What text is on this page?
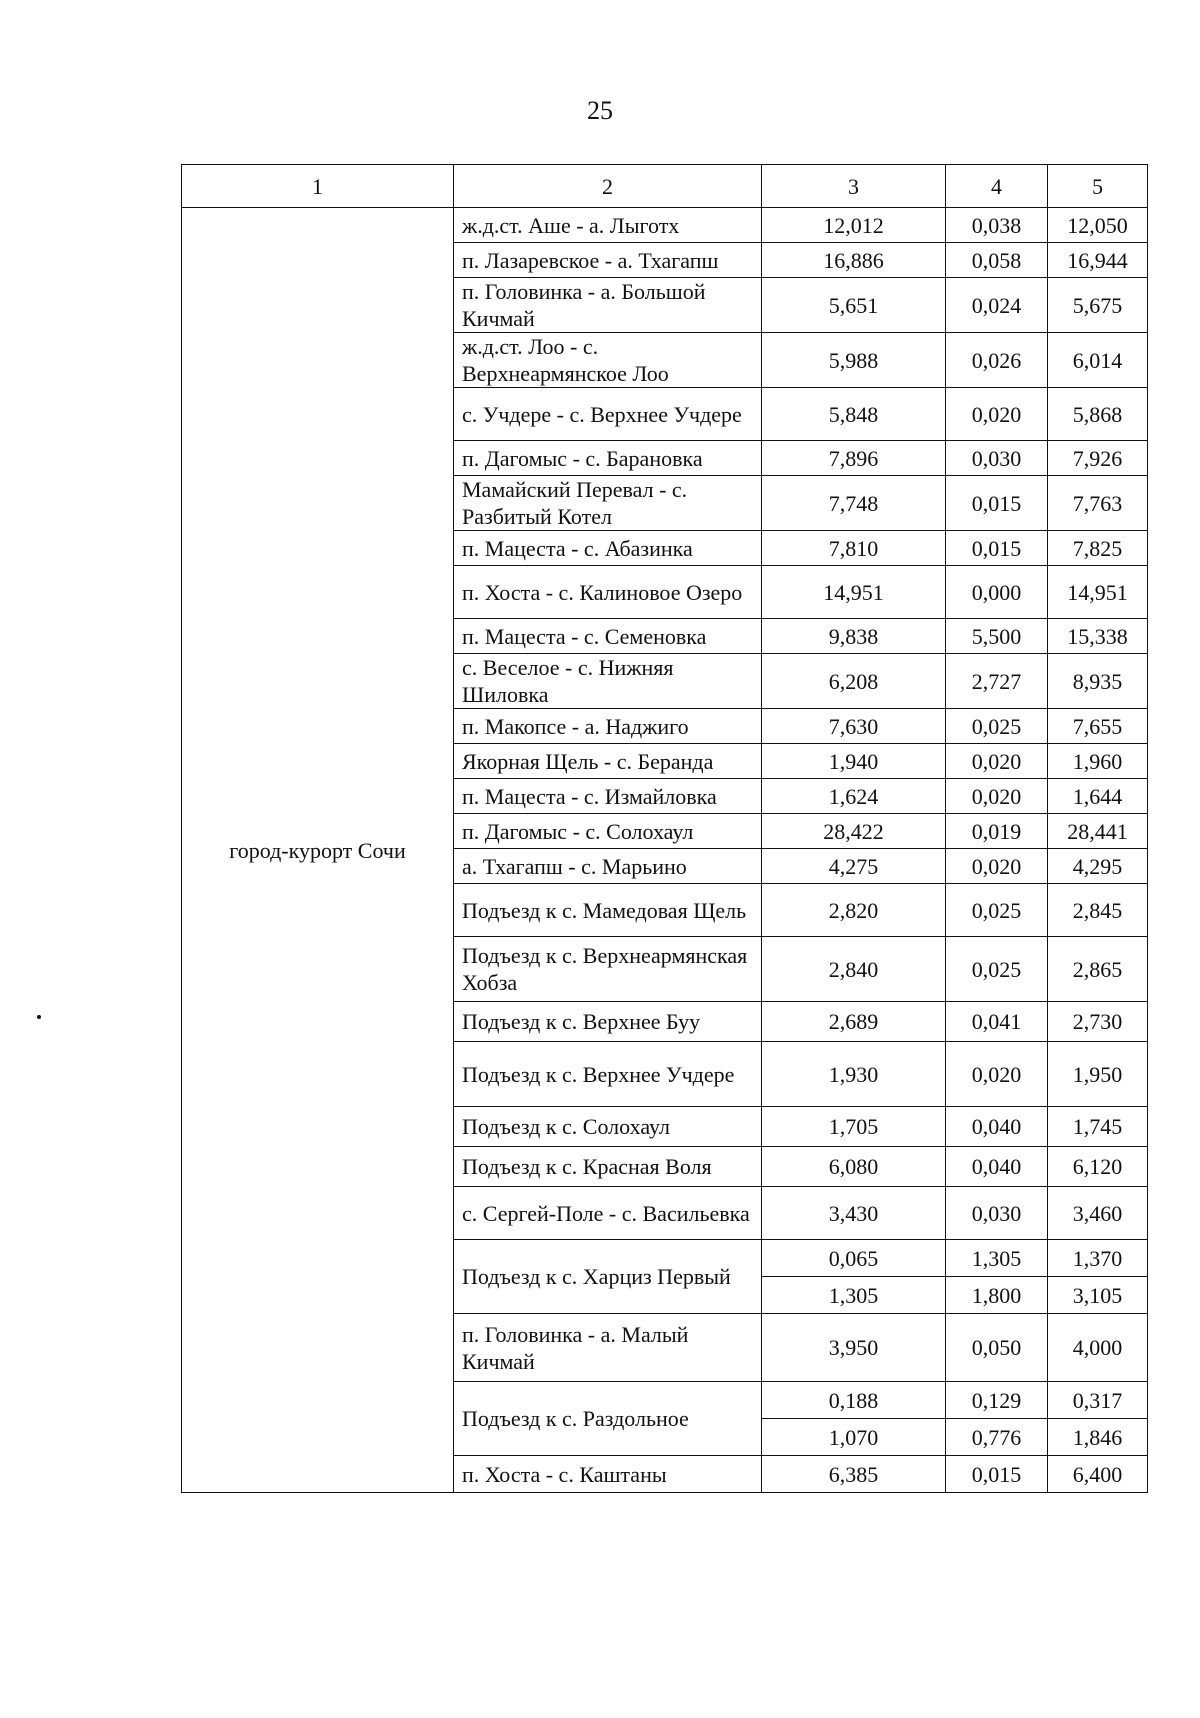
25
1	2	3	4	5
город-курорт Сочи	ж.д.ст. Аше - а. Лыготх	12,012	0,038	12,050
	п. Лазаревское - а. Тхагапш	16,886	0,058	16,944
	п. Головинка - а. Большой Кичмай	5,651	0,024	5,675
	ж.д.ст. Лоо - с. Верхнеармянское Лоо	5,988	0,026	6,014
	с. Учдере - с. Верхнее Учдере	5,848	0,020	5,868
	п. Дагомыс - с. Барановка	7,896	0,030	7,926
	Мамайский Перевал - с. Разбитый Котел	7,748	0,015	7,763
	п. Мацеста - с. Абазинка	7,810	0,015	7,825
	п. Хоста - с. Калиновое Озеро	14,951	0,000	14,951
	п. Мацеста - с. Семеновка	9,838	5,500	15,338
	с. Веселое - с. Нижняя Шиловка	6,208	2,727	8,935
	п. Макопсе - а. Наджиго	7,630	0,025	7,655
	Якорная Щель - с. Беранда	1,940	0,020	1,960
	п. Мацеста - с. Измайловка	1,624	0,020	1,644
	п. Дагомыс - с. Солохаул	28,422	0,019	28,441
	а. Тхагапш - с. Марьино	4,275	0,020	4,295
	Подъезд к с. Мамедовая Щель	2,820	0,025	2,845
	Подъезд к с. Верхнеармянская Хобза	2,840	0,025	2,865
	Подъезд к с. Верхнее Буу	2,689	0,041	2,730
	Подъезд к с. Верхнее Учдере	1,930	0,020	1,950
	Подъезд к с. Солохаул	1,705	0,040	1,745
	Подъезд к с. Красная Воля	6,080	0,040	6,120
	с. Сергей-Поле - с. Васильевка	3,430	0,030	3,460
	Подъезд к с. Харциз Первый	0,065	1,305	1,370
		1,305	1,800	3,105
	п. Головинка - а. Малый Кичмай	3,950	0,050	4,000
	Подъезд к с. Раздольное	0,188	0,129	0,317
		1,070	0,776	1,846
	п. Хоста - с. Каштаны	6,385	0,015	6,400
